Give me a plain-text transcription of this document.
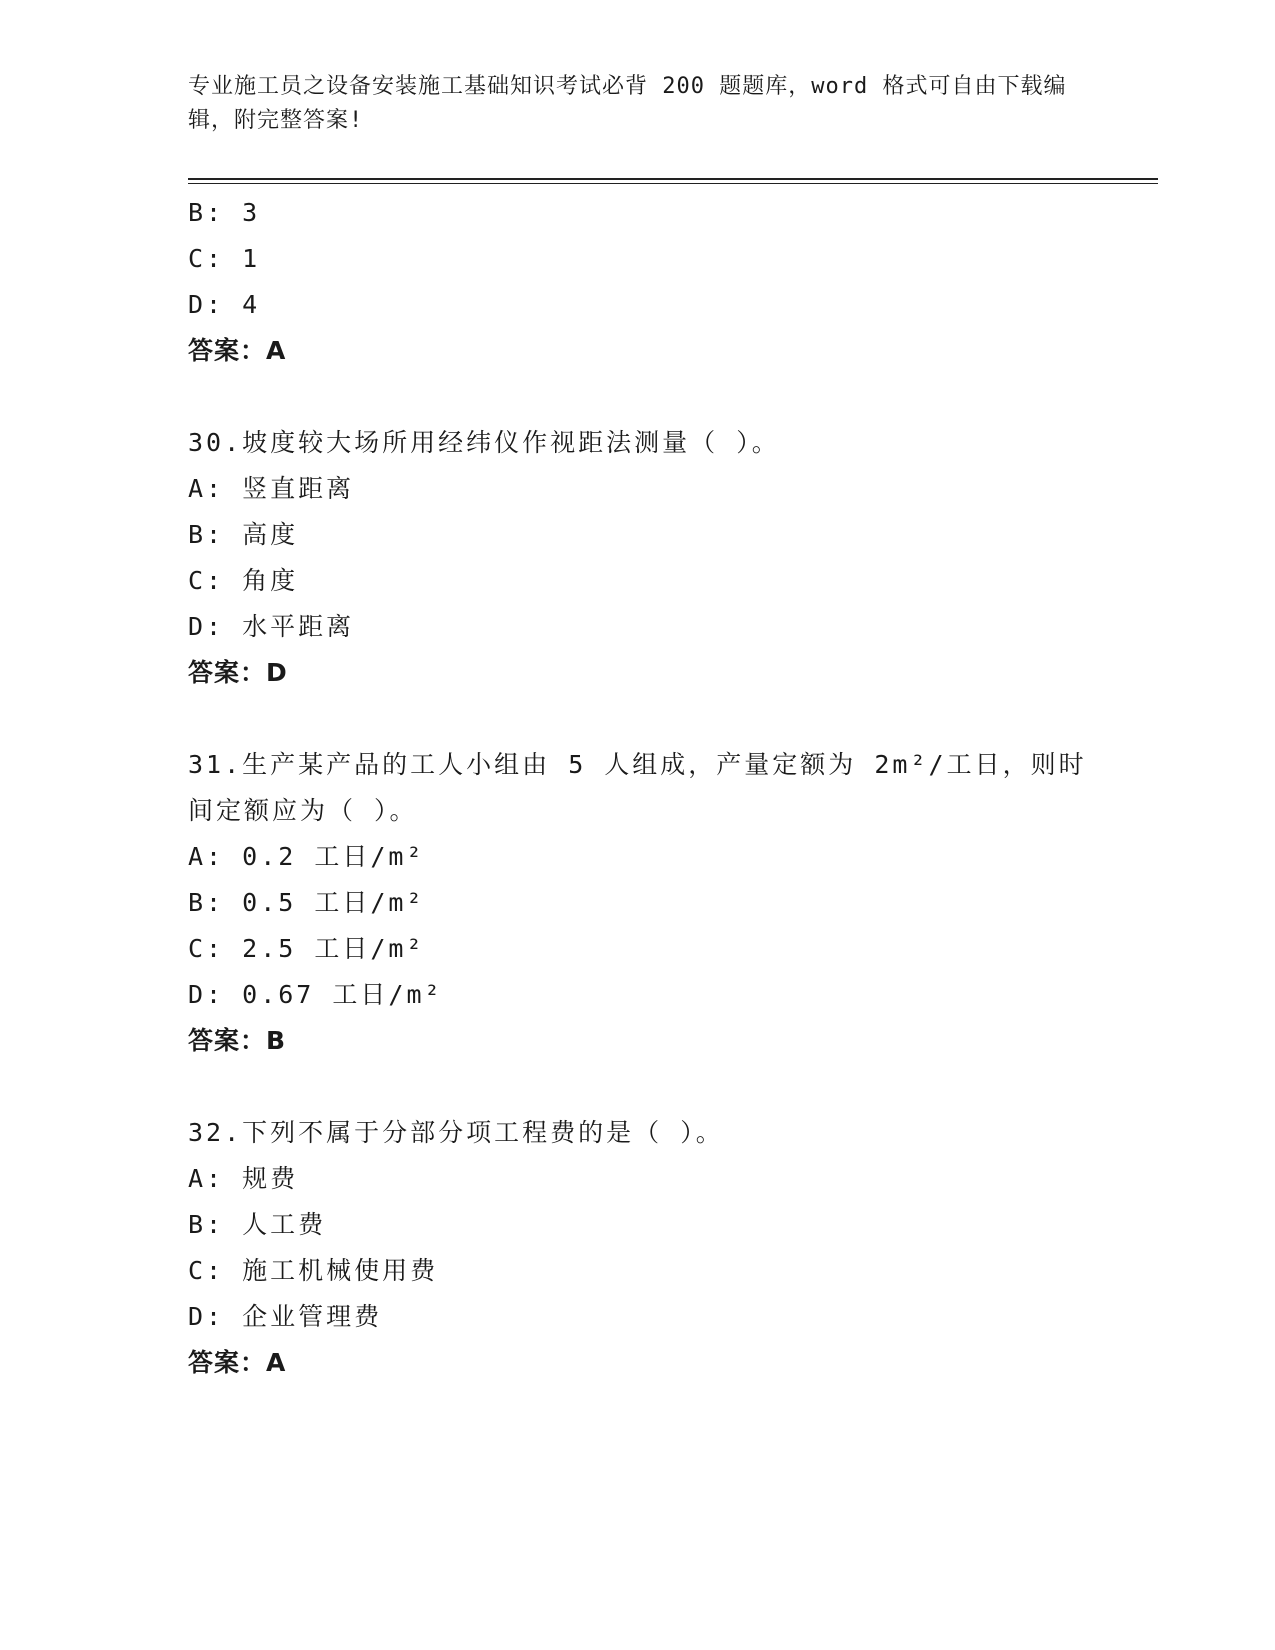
专业施工员之设备安装施工基础知识考试必背 200 题题库，word 格式可自由下载编辑，附完整答案!
B: 3
C: 1
D: 4
答案：A
30.坡度较大场所用经纬仪作视距法测量（ ）。
A: 竖直距离
B: 高度
C: 角度
D: 水平距离
答案：D
31.生产某产品的工人小组由 5 人组成，产量定额为 2m²/工日，则时间定额应为（ ）。
A: 0.2 工日/m²
B: 0.5 工日/m²
C: 2.5 工日/m²
D: 0.67 工日/m²
答案：B
32.下列不属于分部分项工程费的是（ ）。
A: 规费
B: 人工费
C: 施工机械使用费
D: 企业管理费
答案：A
